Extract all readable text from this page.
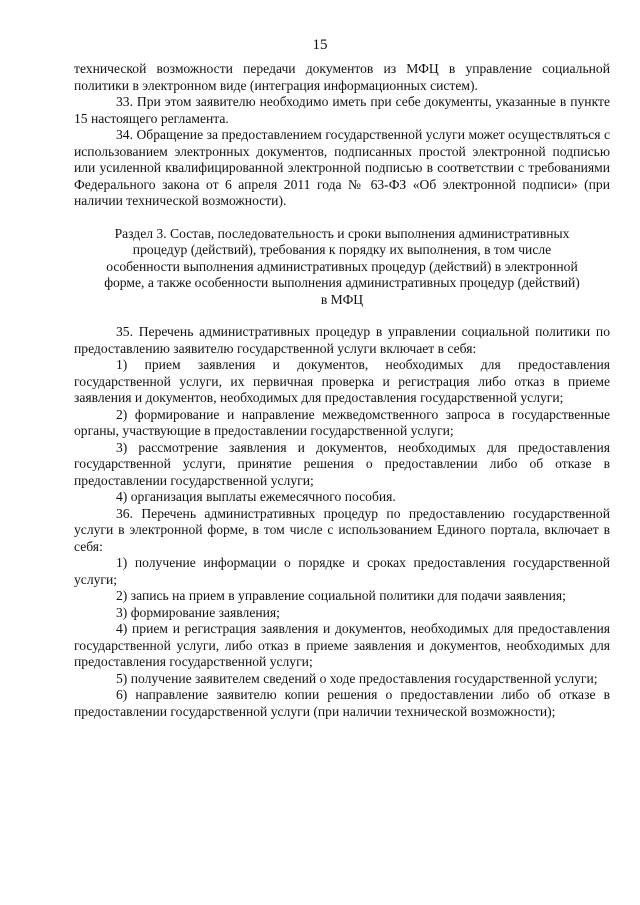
15

технической возможности передачи документов из МФЦ в управление социальной политики в электронном виде (интеграция информационных систем).

33. При этом заявителю необходимо иметь при себе документы, указанные в пункте 15 настоящего регламента.

34. Обращение за предоставлением государственной услуги может осуществляться с использованием электронных документов, подписанных простой электронной подписью или усиленной квалифицированной электронной подписью в соответствии с требованиями Федерального закона от 6 апреля 2011 года № 63-ФЗ «Об электронной подписи» (при наличии технической возможности).

Раздел 3. Состав, последовательность и сроки выполнения административных
процедур (действий), требования к порядку их выполнения, в том числе
особенности выполнения административных процедур (действий) в электронной
форме, а также особенности выполнения административных процедур (действий)
в МФЦ

35. Перечень административных процедур в управлении социальной политики по предоставлению заявителю государственной услуги включает в себя:

1) прием заявления и документов, необходимых для предоставления государственной услуги, их первичная проверка и регистрация либо отказ в приеме заявления и документов, необходимых для предоставления государственной услуги;

2) формирование и направление межведомственного запроса в государственные органы, участвующие в предоставлении государственной услуги;

3) рассмотрение заявления и документов, необходимых для предоставления государственной услуги, принятие решения о предоставлении либо об отказе в предоставлении государственной услуги;

4) организация выплаты ежемесячного пособия.

36. Перечень административных процедур по предоставлению государственной услуги в электронной форме, в том числе с использованием Единого портала, включает в себя:

1) получение информации о порядке и сроках предоставления государственной услуги;

2) запись на прием в управление социальной политики для подачи заявления;

3) формирование заявления;

4) прием и регистрация заявления и документов, необходимых для предоставления государственной услуги, либо отказ в приеме заявления и документов, необходимых для предоставления государственной услуги;

5) получение заявителем сведений о ходе предоставления государственной услуги;

6) направление заявителю копии решения о предоставлении либо об отказе в предоставлении государственной услуги (при наличии технической возможности);
